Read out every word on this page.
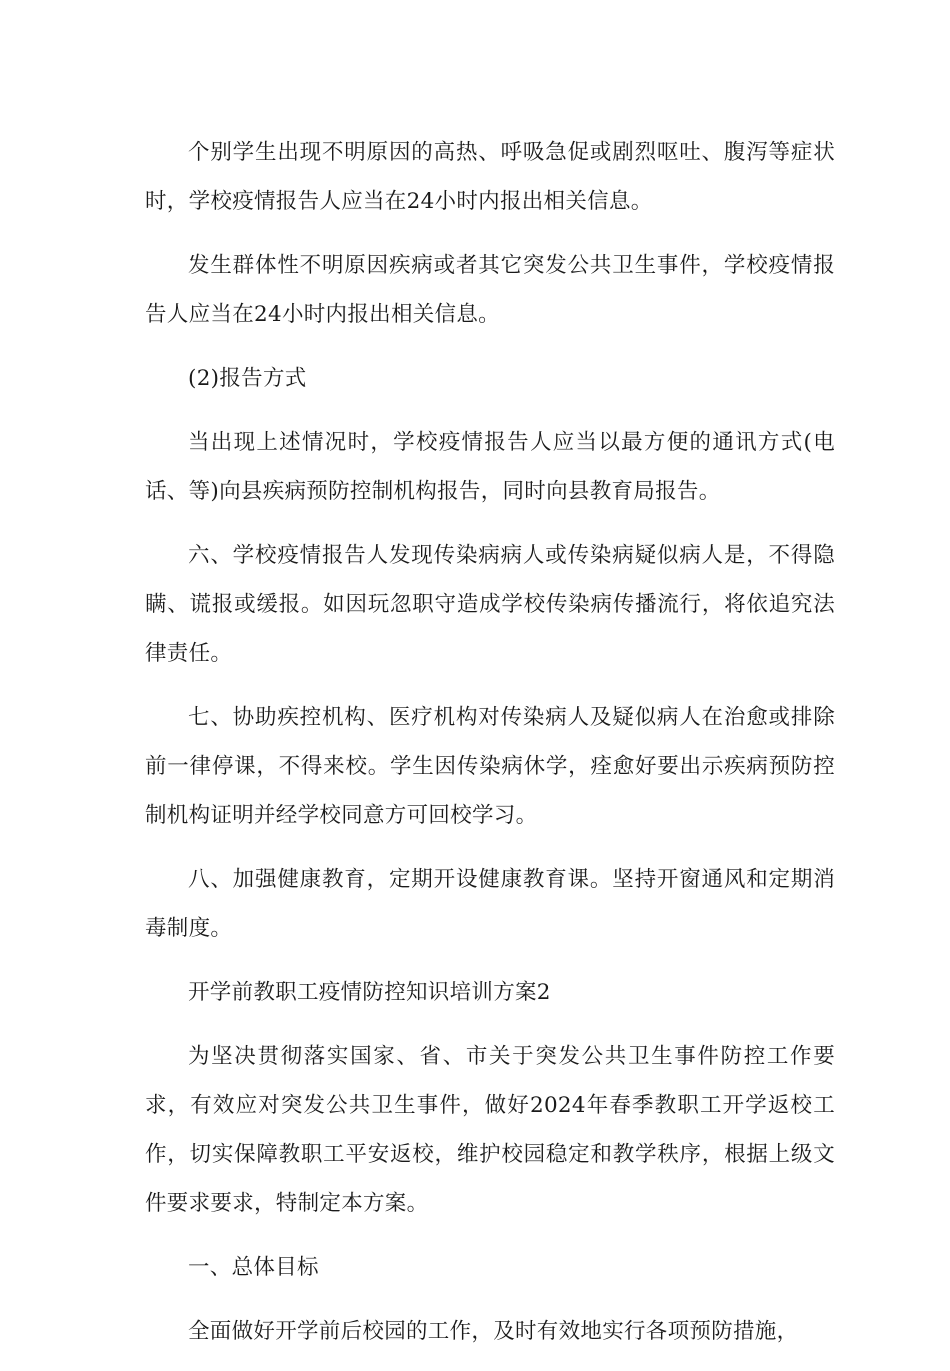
个别学生出现不明原因的高热、呼吸急促或剧烈呕吐、腹泻等症状时，学校疫情报告人应当在24小时内报出相关信息。

发生群体性不明原因疾病或者其它突发公共卫生事件，学校疫情报告人应当在24小时内报出相关信息。

(2)报告方式

当出现上述情况时，学校疫情报告人应当以最方便的通讯方式(电话、等)向县疾病预防控制机构报告，同时向县教育局报告。

六、学校疫情报告人发现传染病病人或传染病疑似病人是，不得隐瞒、谎报或缓报。如因玩忽职守造成学校传染病传播流行，将依追究法律责任。

七、协助疾控机构、医疗机构对传染病人及疑似病人在治愈或排除前一律停课，不得来校。学生因传染病休学，痊愈好要出示疾病预防控制机构证明并经学校同意方可回校学习。

八、加强健康教育，定期开设健康教育课。坚持开窗通风和定期消毒制度。

开学前教职工疫情防控知识培训方案2

为坚决贯彻落实国家、省、市关于突发公共卫生事件防控工作要求，有效应对突发公共卫生事件，做好2024年春季教职工开学返校工作，切实保障教职工平安返校，维护校园稳定和教学秩序，根据上级文件要求要求，特制定本方案。

一、总体目标

全面做好开学前后校园的工作，及时有效地实行各项预防措施，
